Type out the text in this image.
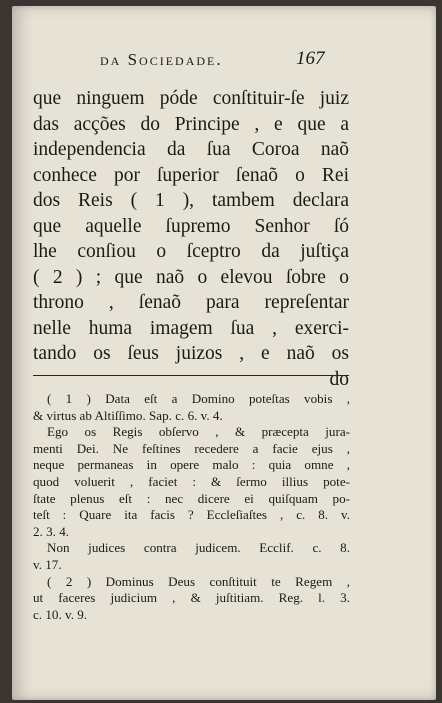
da Sociedade.	167
que ninguem póde conſtituir-ſe juiz
das acções do Principe , e que a
independencia da ſua Coroa naõ
conhece por ſuperior ſenaõ o Rei
dos Reis ( 1 ), tambem declara
que aquelle ſupremo Senhor ſó
lhe conſiou o ſceptro da juſtiça
( 2 ) ; que naõ o elevou ſobre o
throno , ſenaõ para repreſentar
nelle huma imagem ſua , exerci-
tando os ſeus juizos , e naõ os
do
( 1 ) Data eſt a Domino poteſtas vobis ,
& virtus ab Altiſſimo. Sap. c. 6. v. 4.
Ego os Regis obſervo , & præcepta jura-
menti Dei. Ne feſtines recedere a facie ejus ,
neque permaneas in opere malo : quia omne ,
quod voluerit , faciet : & ſermo illius pote-
ſtate plenus eſt : nec dicere ei quiſquam po-
teſt : Quare ita facis ? Eccleſiaſtes , c. 8. v.
2. 3. 4.
Non judices contra judicem. Ecclif. c. 8.
v. 17.
( 2 ) Dominus Deus conſtituit te Regem ,
ut faceres judicium , & juſtitiam. Reg. l. 3.
c. 10. v. 9.
